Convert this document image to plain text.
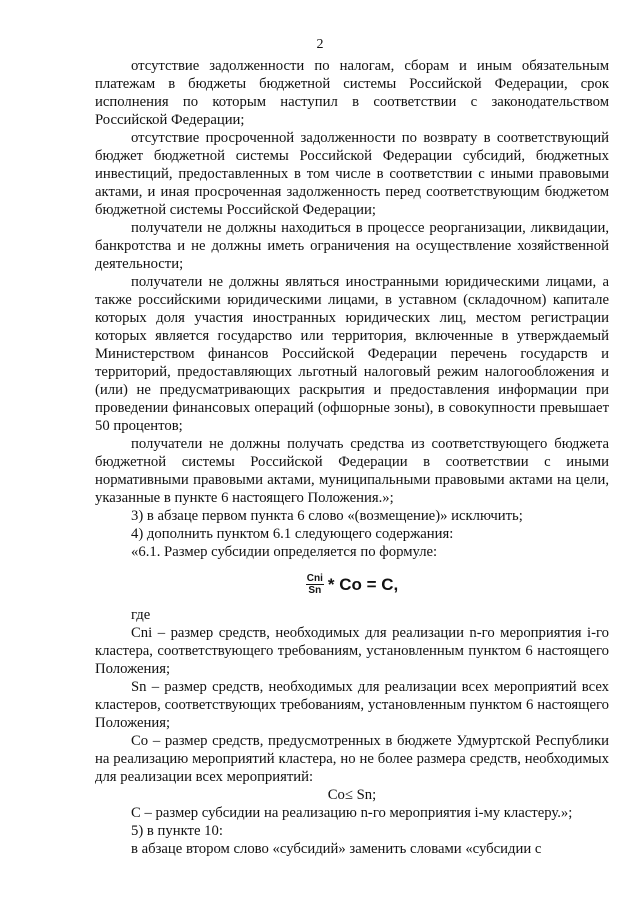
2

отсутствие задолженности по налогам, сборам и иным обязательным платежам в бюджеты бюджетной системы Российской Федерации, срок исполнения по которым наступил в соответствии с законодательством Российской Федерации;

отсутствие просроченной задолженности по возврату в соответствующий бюджет бюджетной системы Российской Федерации субсидий, бюджетных инвестиций, предоставленных в том числе в соответствии с иными правовыми актами, и иная просроченная задолженность перед соответствующим бюджетом бюджетной системы Российской Федерации;

получатели не должны находиться в процессе реорганизации, ликвидации, банкротства и не должны иметь ограничения на осуществление хозяйственной деятельности;

получатели не должны являться иностранными юридическими лицами, а также российскими юридическими лицами, в уставном (складочном) капитале которых доля участия иностранных юридических лиц, местом регистрации которых является государство или территория, включенные в утверждаемый Министерством финансов Российской Федерации перечень государств и территорий, предоставляющих льготный налоговый режим налогообложения и (или) не предусматривающих раскрытия и предоставления информации при проведении финансовых операций (офшорные зоны), в совокупности превышает 50 процентов;

получатели не должны получать средства из соответствующего бюджета бюджетной системы Российской Федерации в соответствии с иными нормативными правовыми актами, муниципальными правовыми актами на цели, указанные в пункте 6 настоящего Положения.»;

3) в абзаце первом пункта 6 слово «(возмещение)» исключить;

4) дополнить пунктом 6.1 следующего содержания:

«6.1. Размер субсидии определяется по формуле:

$\frac{\text{Cni}}{Sn} * Co = C$,

где

Cni – размер средств, необходимых для реализации n-го мероприятия i-го кластера, соответствующего требованиям, установленным пунктом 6 настоящего Положения;

Sn – размер средств, необходимых для реализации всех мероприятий всех кластеров, соответствующих требованиям, установленным пунктом 6 настоящего Положения;

Co – размер средств, предусмотренных в бюджете Удмуртской Республики на реализацию мероприятий кластера, но не более размера средств, необходимых для реализации всех мероприятий:

Co≤ Sn;

C – размер субсидии на реализацию n-го мероприятия i-му кластеру.»;

5) в пункте 10:

в абзаце втором слово «субсидий» заменить словами «субсидии с
